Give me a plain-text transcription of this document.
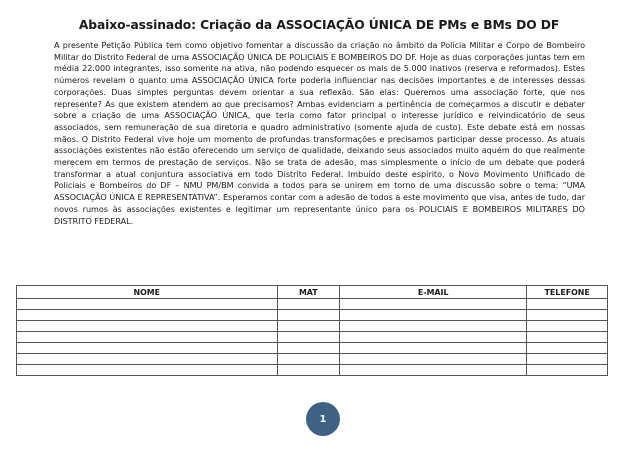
Abaixo-assinado: Criação da ASSOCIAÇÃO ÚNICA DE PMs e BMs DO DF

A presente Petição Pública tem como objetivo fomentar a discussão da criação no âmbito da Polícia Militar e Corpo de Bombeiro Militar do Distrito Federal de uma ASSOCIAÇÃO ÚNICA DE POLICIAIS E BOMBEIROS DO DF. Hoje as duas corporações juntas tem em média 22.000 integrantes, isso somente na ativa, não podendo esquecer os mais de 5.000 inativos (reserva e reformados). Estes números revelam o quanto uma ASSOCIAÇÃO ÚNICA forte poderia influenciar nas decisões importantes e de interesses dessas corporações. Duas simples perguntas devem orientar a sua reflexão. São elas: Queremos uma associação forte, que nos represente? As que existem atendem ao que precisamos? Ambas evidenciam a pertinência de começarmos a discutir e debater sobre a criação de uma ASSOCIAÇÃO ÚNICA, que teria como fator principal o interesse jurídico e reivindicatório de seus associados, sem remuneração de sua diretoria e quadro administrativo (somente ajuda de custo). Este debate está em nossas mãos. O Distrito Federal vive hoje um momento de profundas transformações e precisamos participar desse processo. As atuais associações existentes não estão oferecendo um serviço de qualidade, deixando seus associados muito aquém do que realmente merecem em termos de prestação de serviços. Não se trata de adesão, mas simplesmente o início de um debate que poderá transformar a atual conjuntura associativa em todo Distrito Federal. Imbuído deste espírito, o Novo Movimento Unificado de Policiais e Bombeiros do DF – NMU PM/BM convida a todos para se unirem em torno de uma discussão sobre o tema: “UMA ASSOCIAÇÃO ÚNICA E REPRESENTATIVA”. Esperamos contar com a adesão de todos a este movimento que visa, antes de tudo, dar novos rumos às associações existentes e legitimar um representante único para os POLICIAIS E BOMBEIROS MILITARES DO DISTRITO FEDERAL.

NOME	MAT	E-MAIL	TELEFONE

1
